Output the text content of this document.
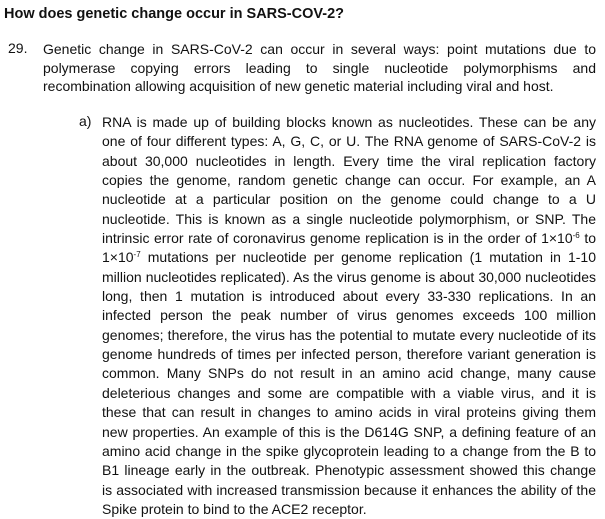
How does genetic change occur in SARS-COV-2?
29. Genetic change in SARS-CoV-2 can occur in several ways: point mutations due to polymerase copying errors leading to single nucleotide polymorphisms and recombination allowing acquisition of new genetic material including viral and host.
a) RNA is made up of building blocks known as nucleotides. These can be any one of four different types: A, G, C, or U. The RNA genome of SARS-CoV-2 is about 30,000 nucleotides in length. Every time the viral replication factory copies the genome, random genetic change can occur. For example, an A nucleotide at a particular position on the genome could change to a U nucleotide. This is known as a single nucleotide polymorphism, or SNP. The intrinsic error rate of coronavirus genome replication is in the order of $1\times 10^{-6}$ to $1\times 10^{-7}$ mutations per nucleotide per genome replication (1 mutation in 1-10 million nucleotides replicated). As the virus genome is about 30,000 nucleotides long, then 1 mutation is introduced about every 33-330 replications. In an infected person the peak number of virus genomes exceeds 100 million genomes; therefore, the virus has the potential to mutate every nucleotide of its genome hundreds of times per infected person, therefore variant generation is common. Many SNPs do not result in an amino acid change, many cause deleterious changes and some are compatible with a viable virus, and it is these that can result in changes to amino acids in viral proteins giving them new properties. An example of this is the D614G SNP, a defining feature of an amino acid change in the spike glycoprotein leading to a change from the B to B1 lineage early in the outbreak. Phenotypic assessment showed this change is associated with increased transmission because it enhances the ability of the Spike protein to bind to the ACE2 receptor.
